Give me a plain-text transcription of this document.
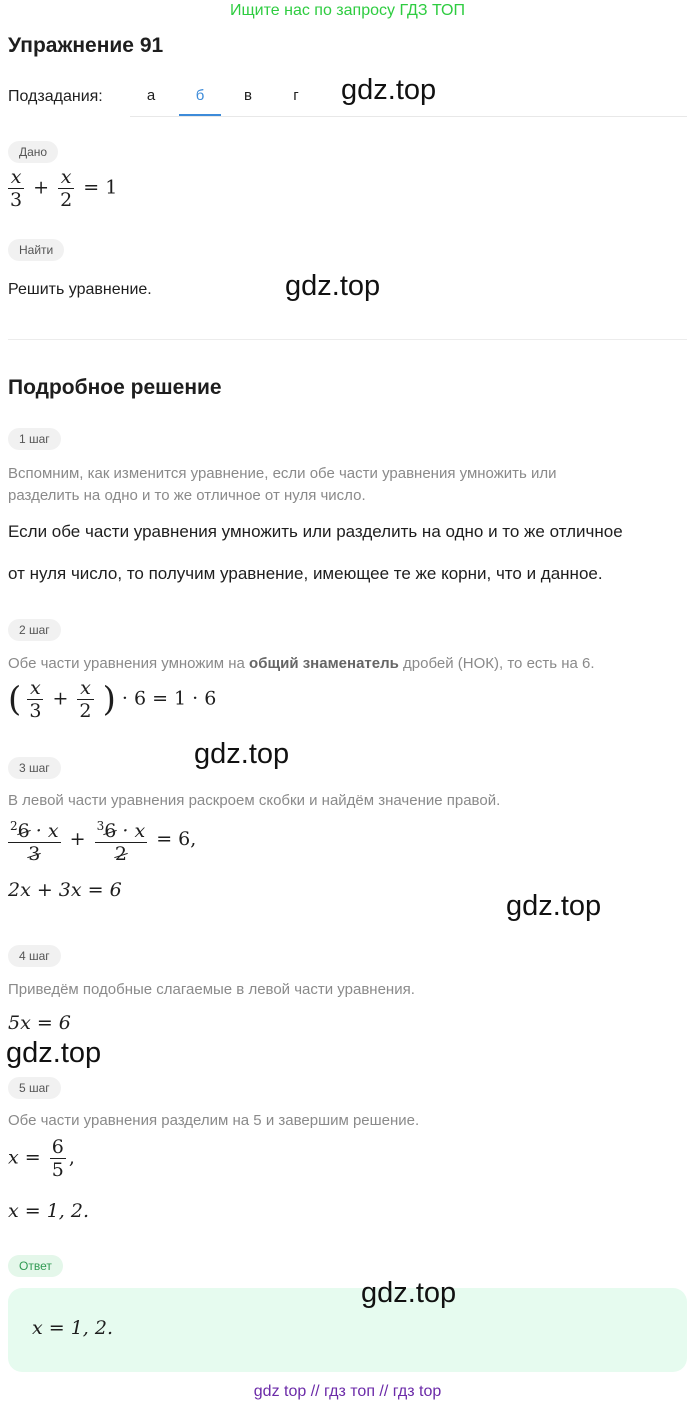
Ищите нас по запросу ГДЗ ТОП
Упражнение 91
Подзадания:	а	б	в	г	gdz.top
Дано
$\frac{x}{3} + \frac{x}{2} = 1$
Найти
Решить уравнение.	gdz.top
Подробное решение
1 шаг
Вспомним, как изменится уравнение, если обе части уравнения умножить или
разделить на одно и то же отличное от нуля число.
Если обе части уравнения умножить или разделить на одно и то же отличное
от нуля число, то получим уравнение, имеющее те же корни, что и данное.
2 шаг
Обе части уравнения умножим на общий знаменатель дробей (НОК), то есть на 6.
( $\frac{x}{3} + \frac{x}{2}$ ) · 6 = 1 · 6
gdz.top
3 шаг
В левой части уравнения раскроем скобки и найдём значение правой.
$\frac{^26 \cdot x}{3} + \frac{^36 \cdot x}{2} = 6$,
2x + 3x = 6	gdz.top
4 шаг
Приведём подобные слагаемые в левой части уравнения.
5x = 6
gdz.top
5 шаг
Обе части уравнения разделим на 5 и завершим решение.
$x = \frac{6}{5}$ ,
x = 1, 2.
Ответ
x = 1, 2.
gdz.top
gdz top // гдз топ // гдз top
